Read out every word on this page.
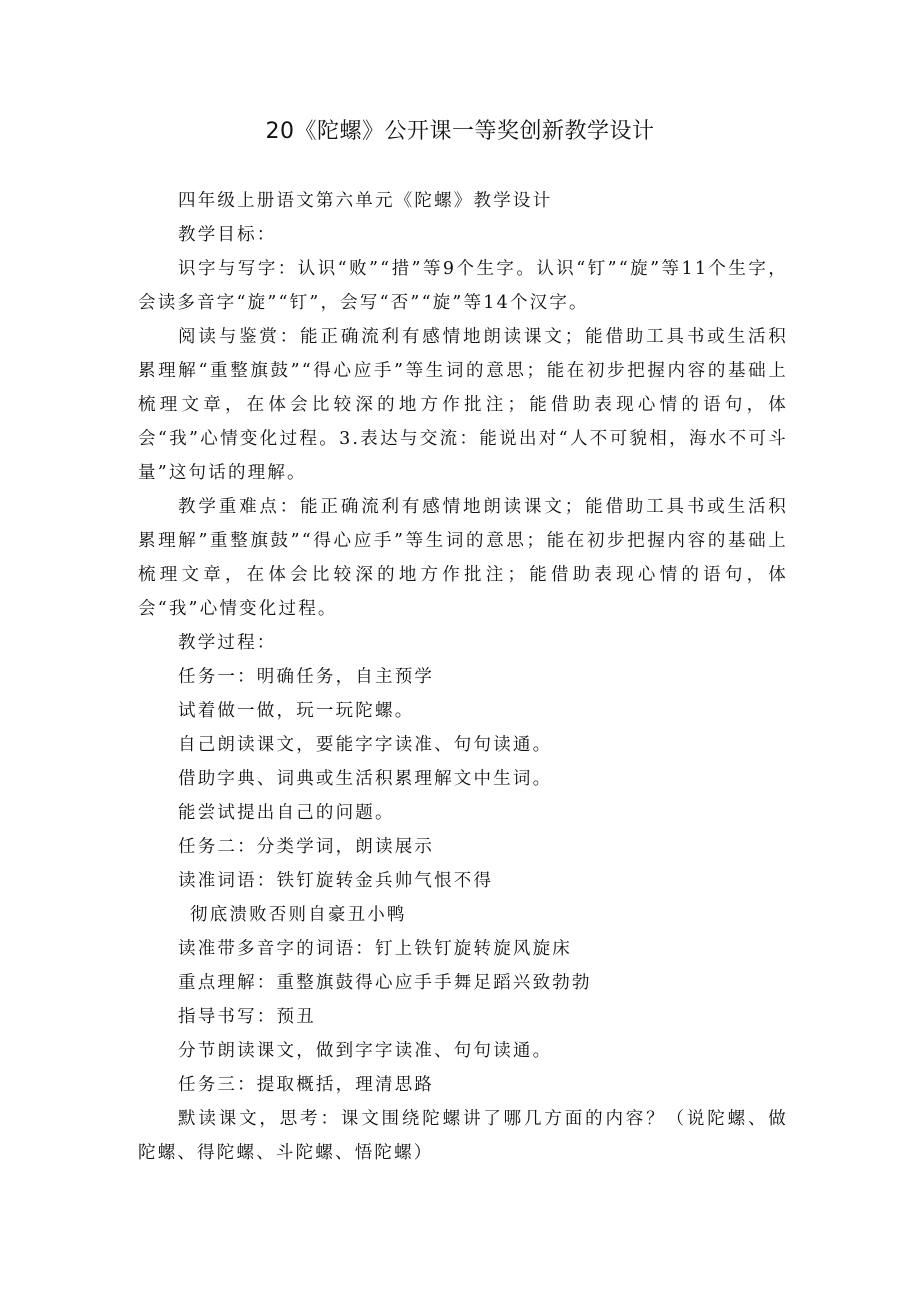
20《陀螺》公开课一等奖创新教学设计

四年级上册语文第六单元《陀螺》教学设计

教学目标：

识字与写字：认识“败”“措”等9个生字。认识“钉”“旋”等11个生字，会读多音字“旋”“钉”，会写“否”“旋”等14个汉字。

阅读与鉴赏：能正确流利有感情地朗读课文；能借助工具书或生活积累理解“重整旗鼓”“得心应手”等生词的意思；能在初步把握内容的基础上梳理文章，在体会比较深的地方作批注；能借助表现心情的语句，体会“我”心情变化过程。3.表达与交流：能说出对“人不可貌相，海水不可斗量”这句话的理解。

教学重难点：能正确流利有感情地朗读课文；能借助工具书或生活积累理解”重整旗鼓”“得心应手”等生词的意思；能在初步把握内容的基础上梳理文章，在体会比较深的地方作批注；能借助表现心情的语句，体会“我”心情变化过程。

教学过程：

任务一：明确任务，自主预学

试着做一做，玩一玩陀螺。

自己朗读课文，要能字字读准、句句读通。

借助字典、词典或生活积累理解文中生词。

能尝试提出自己的问题。

任务二：分类学词，朗读展示

读准词语：铁钉旋转金兵帅气恨不得

彻底溃败否则自豪丑小鸭

读准带多音字的词语：钉上铁钉旋转旋风旋床

重点理解：重整旗鼓得心应手手舞足蹈兴致勃勃

指导书写：预丑

分节朗读课文，做到字字读准、句句读通。

任务三：提取概括，理清思路

默读课文，思考：课文围绕陀螺讲了哪几方面的内容？（说陀螺、做陀螺、得陀螺、斗陀螺、悟陀螺）
